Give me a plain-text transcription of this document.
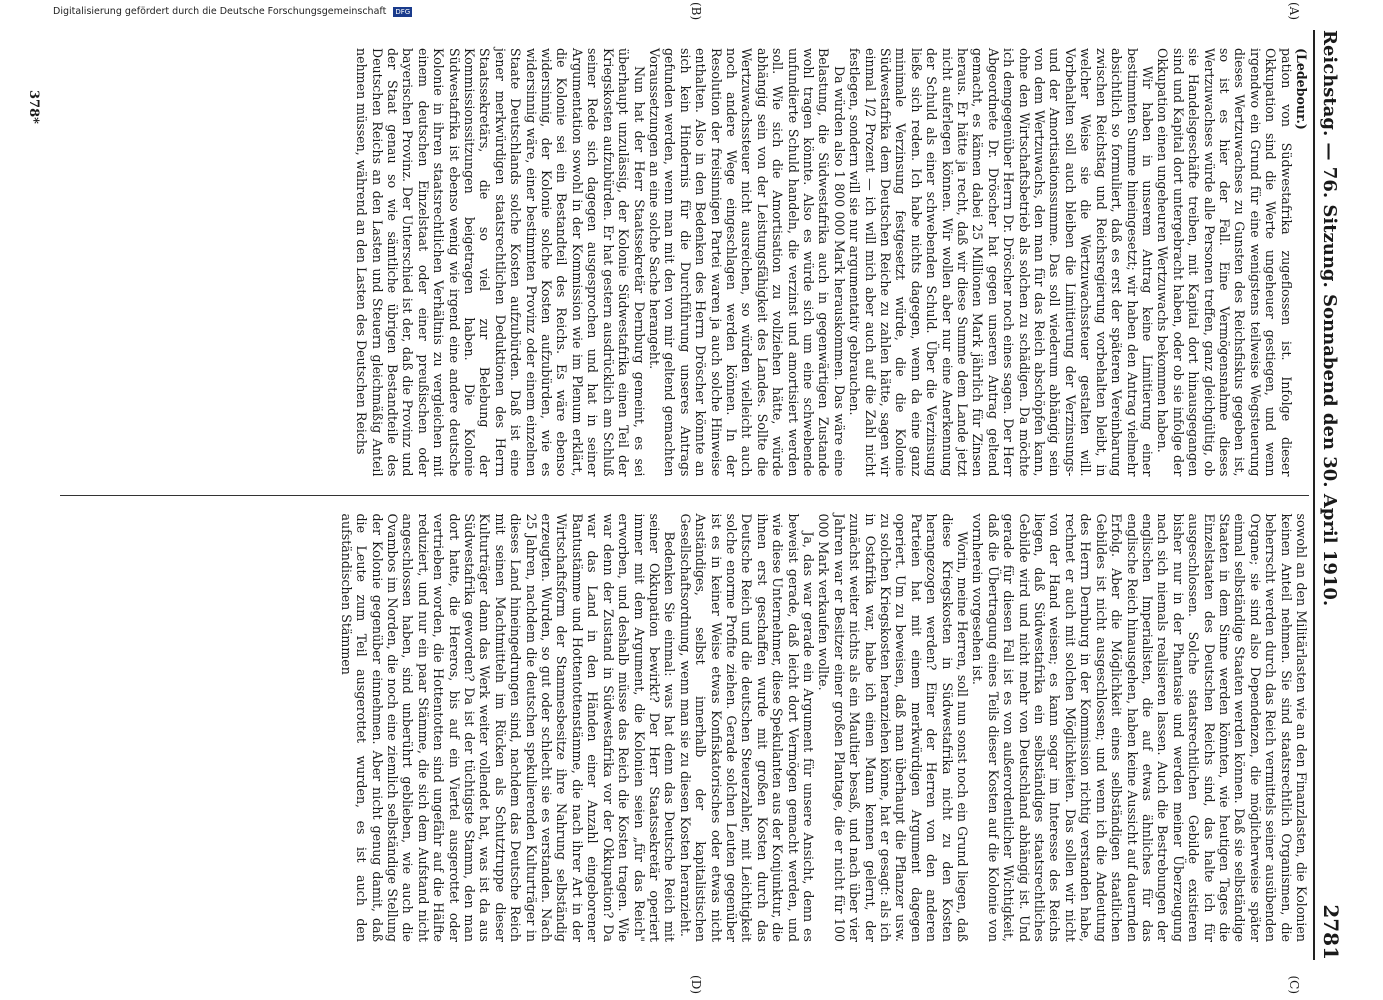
Digitalisierung gefördert durch die Deutsche Forschungsgemeinschaft DFG
Reichstag. — 76. Sitzung. Sonnabend den 30. April 1910.
2781
(A)
(B)
(C)
(D)

(Ledebour.)

pation von Südwestafrika zugeflossen ist. Infolge dieser Okkupation sind die Werte ungeheuer gestiegen, und wenn irgendwo ein Grund für eine wenigstens teilweise Wegsteuerung dieses Wertzuwachses zu Gunsten des Reichsfiskus gegeben ist, so ist es hier der Fall. Eine Vermögensnahme dieses Wertzuwachses würde alle Personen treffen, ganz gleichgültig, ob sie Handelsgeschäfte treiben, mit Kapital dort hinausgegangen sind und Kapital dort untergebracht haben, oder ob sie infolge der Okkupation einen ungeheuren Wertzuwachs bekommen haben.

Wir haben in unserem Antrag keine Limitierung einer bestimmten Summe hineingesetzt; wir haben den Antrag vielmehr absichtlich so formuliert, daß es erst der späteren Vereinbarung zwischen Reichstag und Reichsregierung vorbehalten bleibt, in welcher Weise sie die Wertzuwachssteuer gestalten will. Vorbehalten soll auch bleiben die Limitierung der Verzinsungs- und der Amortisationssumme. Das soll wiederum abhängig sein von dem Wertzuwachs, den man für das Reich abschöpfen kann, ohne den Wirtschaftsbetrieb als solchen zu schädigen. Da möchte ich demgegenüber Herrn Dr. Dröscher noch eines sagen. Der Herr Abgeordnete Dr. Dröscher hat gegen unseren Antrag geltend gemacht, es kämen dabei 25 Millionen Mark jährlich für Zinsen heraus. Er hätte ja recht, daß wir diese Summe dem Lande jetzt nicht auferlegen können. Wir wollen aber nur eine Anerkennung der Schuld als einer schwebenden Schuld. Über die Verzinsung ließe sich reden. Ich habe nichts dagegen, wenn da eine ganz minimale Verzinsung festgesetzt würde, die die Kolonie Südwestafrika dem Deutschen Reiche zu zahlen hätte, sagen wir einmal 1/2 Prozent — ich will mich aber auch auf die Zahl nicht festlegen, sondern will sie nur argumentativ gebrauchen.

Da würden also 1 800 000 Mark herauskommen. Das wäre eine Belastung, die Südwestafrika auch in gegenwärtigen Zustande wohl tragen könnte. Also es würde sich um eine schwebende unfundierte Schuld handeln, die verzinst und amortisiert werden soll. Wie sich die Amortisation zu vollziehen hätte, würde abhängig sein von der Leistungsfähigkeit des Landes. Sollte die Wertzuwachssteuer nicht ausreichen, so würden vielleicht auch noch andere Wege eingeschlagen werden können. In der Resolution der freisinnigen Partei waren ja auch solche Hinweise enthalten. Also in den Bedenken des Herrn Dröscher könnte an sich kein Hindernis für die Durchführung unseres Antrags gefunden werden, wenn man mit den von mir geltend gemachten Voraussetzungen an eine solche Sache herangeht.

Nun hat der Herr Staatssekretär Dernburg gemeint, es sei überhaupt unzulässig, der Kolonie Südwestafrika einen Teil der Kriegskosten aufzubürden. Er hat gestern ausdrücklich am Schluß seiner Rede sich dagegen ausgesprochen und hat in seiner Argumentation sowohl in der Kommission wie im Plenum erklärt, die Kolonie sei ein Bestandteil des Reichs. Es wäre ebenso widersinnig, der Kolonie solche Kosten aufzubürden, wie es widersinnig wäre, einer bestimmten Provinz oder einem einzelnen Staate Deutschlands solche Kosten aufzubürden. Daß ist eine jener merkwürdigen staatsrechtlichen Deduktionen des Herrn Staatssekretärs, die so viel zur Belebung der Kommissionssitzungen beigetragen haben. Die Kolonie Südwestafrika ist ebenso wenig wie irgend eine andere deutsche Kolonie in ihren staatsrechtlichen Verhältnis zu vergleichen mit einem deutschen Einzelstaat oder einer preußischen oder bayerischen Provinz. Der Unterschied ist der, daß die Provinz und der Staat genau so wie sämtliche übrigen Bestandteile des Deutschen Reichs an den Lasten und Steuern gleichmäßig Anteil nehmen müssen, während an den Lasten des Deutschen Reichs

sowohl an den Militärlasten wie an den Finanzlasten, die Kolonien keinen Anteil nehmen. Sie sind staatsrechtlich Organismen, die beherrscht werden durch das Reich vermittels seiner ausübenden Organe; sie sind also Dependenzen, die möglicherweise später einmal selbständige Staaten werden können. Daß sie selbständige Staaten in dem Sinne werden könnten, wie heutigen Tages die Einzelstaaten des Deutschen Reichs sind, das halte ich für ausgeschlossen. Solche staatsrechtlichen Gebilde existieren bisher nur in der Phantasie und werden meiner Überzeugung nach sich niemals realisieren lassen. Auch die Bestrebungen der englischen Imperialisten, die auf etwas ähnliches für das englische Reich hinausgehen, haben keine Aussicht auf dauernden Erfolg. Aber die Möglichkeit eines selbständigen staatlichen Gebildes ist nicht ausgeschlossen; und wenn ich die Andeutung des Herrn Dernburg in der Kommission richtig verstanden habe, rechnet er auch mit solchen Möglichkeiten. Das sollen wir nicht von der Hand weisen; es kann sogar im Interesse des Reichs liegen, daß Südwestafrika ein selbständiges staatsrechtliches Gebilde wird und nicht mehr von Deutschland abhängig ist. Und gerade für diesen Fall ist es von außerordentlicher Wichtigkeit, daß die Übertragung eines Teils dieser Kosten auf die Kolonie von vornherein vorgesehen ist.

Worin, meine Herren, soll nun sonst noch ein Grund liegen, daß diese Kriegskosten in Südwestafrika nicht zu den Kosten herangezogen werden? Einer der Herren von den anderen Parteien hat mit einem merkwürdigen Argument dagegen operiert. Um zu beweisen, daß man überhaupt die Pflanzer usw. zu solchen Kriegskosten heranziehen könne, hat er gesagt: als ich in Ostafrika war, habe ich einen Mann kennen gelernt, der zunächst weiter nichts als ein Maultier besaß, und nach über vier Jahren war er Besitzer einer großen Plantage, die er nicht für 100 000 Mark verkaufen wollte.

Ja, das war gerade ein Argument für unsere Ansicht, denn es beweist gerade, daß leicht dort Vermögen gemacht werden, und wie diese Unternehmer, diese Spekulanten aus der Konjunktur, die ihnen erst geschaffen wurde mit großen Kosten durch das Deutsche Reich und die deutschen Steuerzahler, mit Leichtigkeit solche enorme Profite ziehen. Gerade solchen Leuten gegenüber ist es in keiner Weise etwas Konfiskatorisches oder etwas nicht Anständiges, selbst innerhalb der kapitalistischen Gesellschaftsordnung, wenn man sie zu diesen Kosten heranzieht.

Bedenken Sie einmal: was hat denn das Deutsche Reich mit seiner Okkupation bewirkt? Der Herr Staatssekretär operiert immer mit dem Argument, die Kolonien seien „für das Reich" erworben, und deshalb müsse das Reich die Kosten tragen. Wie war denn der Zustand in Südwestafrika vor der Okkupation? Da war das Land in den Händen einer Anzahl eingeborener Bantustämme und Hottentottenstämme, die nach ihrer Art in der Wirtschaftsform der Stammesbesitze ihre Nahrung selbständig erzeugten. Wurden, so gut oder schlecht sie es verstanden. Nach 25 Jahren, nachdem die deutschen spekulierenden Kulturträger in dieses Land hineingedrungen sind, nachdem das Deutsche Reich mit seinen Machtmitteln im Rücken als Schutztruppe dieser Kulturträger dann das Werk weiter vollendet hat, was ist da aus Südwestafrika geworden? Da ist der tüchtigste Stamm, den man dort hatte, die Hereros, bis auf ein Viertel ausgerottet oder vertrieben worden, die Hottentotten sind ungefähr auf die Hälfte reduziert, und nur ein paar Stämme, die sich dem Aufstand nicht angeschlossen haben, sind unberührt geblieben, wie auch die Ovambos im Norden, die noch eine ziemlich selbständige Stellung der Kolonie gegenüber einnehmen. Aber nicht genug damit, daß die Leute zum Teil ausgerottet wurden, es ist auch den aufständischen Stämmen

378*
